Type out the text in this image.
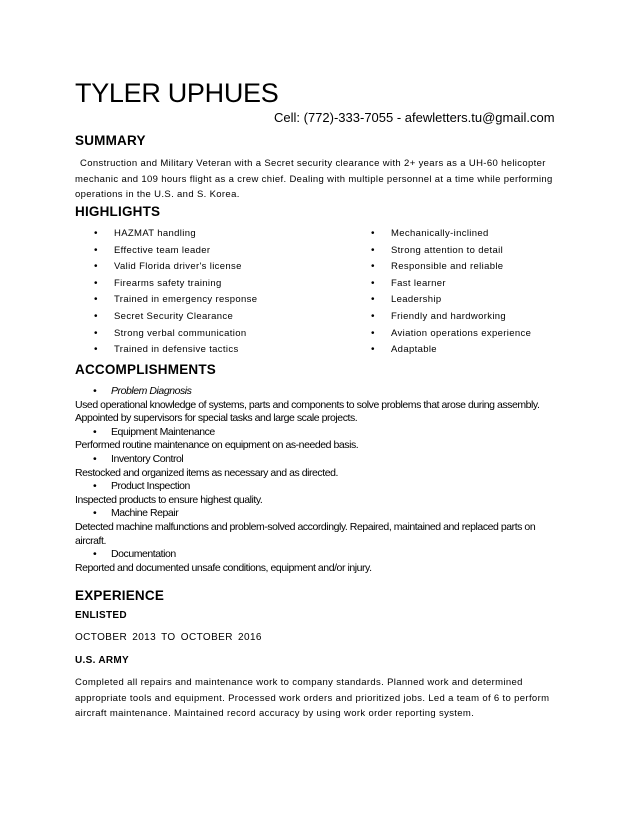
TYLER UPHUES

Cell: (772)-333-7055 - afewletters.tu@gmail.com

SUMMARY

Construction and Military Veteran with a Secret security clearance with 2+ years as a UH-60 helicopter mechanic and 109 hours flight as a crew chief. Dealing with multiple personnel at a time while performing operations in the U.S. and S. Korea.

HIGHLIGHTS
• HAZMAT handling
• Effective team leader
• Valid Florida driver's license
• Firearms safety training
• Trained in emergency response
• Secret Security Clearance
• Strong verbal communication
• Trained in defensive tactics
• Mechanically-inclined
• Strong attention to detail
• Responsible and reliable
• Fast learner
• Leadership
• Friendly and hardworking
• Aviation operations experience
• Adaptable
ACCOMPLISHMENTS
• Problem Diagnosis
Used operational knowledge of systems, parts and components to solve problems that arose during assembly. Appointed by supervisors for special tasks and large scale projects.
• Equipment Maintenance
Performed routine maintenance on equipment on as-needed basis.
• Inventory Control
Restocked and organized items as necessary and as directed.
• Product Inspection
Inspected products to ensure highest quality.
• Machine Repair
Detected machine malfunctions and problem-solved accordingly. Repaired, maintained and replaced parts on aircraft.
• Documentation
Reported and documented unsafe conditions, equipment and/or injury.
EXPERIENCE

ENLISTED

OCTOBER 2013 TO OCTOBER 2016

U.S. ARMY

Completed all repairs and maintenance work to company standards. Planned work and determined appropriate tools and equipment. Processed work orders and prioritized jobs. Led a team of 6 to perform aircraft maintenance. Maintained record accuracy by using work order reporting system.
